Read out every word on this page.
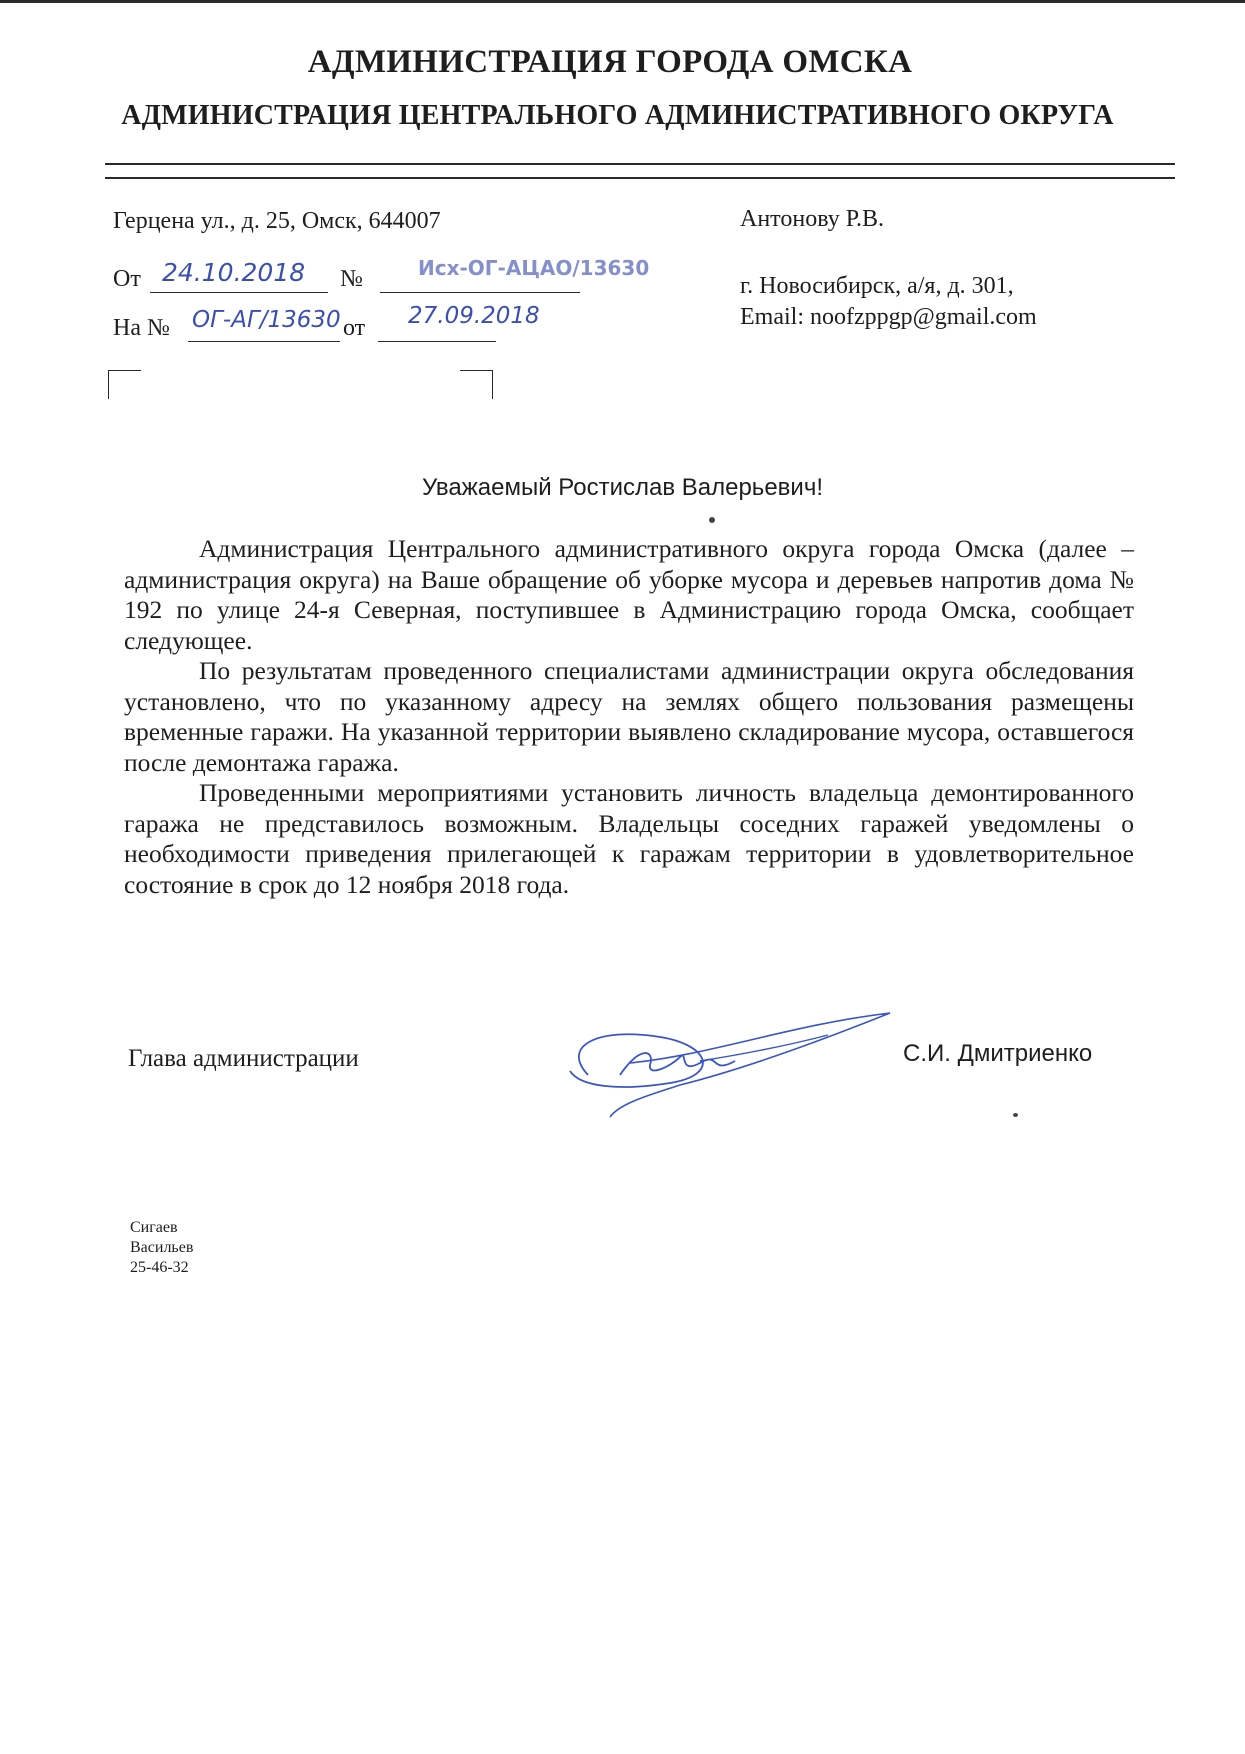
АДМИНИСТРАЦИЯ ГОРОДА ОМСКА
АДМИНИСТРАЦИЯ ЦЕНТРАЛЬНОГО АДМИНИСТРАТИВНОГО ОКРУГА
Герцена ул., д. 25, Омск, 644007
От 24.10.2018 №	Исх-ОГ-АЦАО/13630
На № ОГ-АГ/13630 от 27.09.2018
Антонову Р.В.
г. Новосибирск, а/я, д. 301,
Email: noofzppgp@gmail.com
Уважаемый Ростислав Валерьевич!

Администрация Центрального административного округа города Омска (далее – администрация округа) на Ваше обращение об уборке мусора и деревьев напротив дома № 192 по улице 24-я Северная, поступившее в Администрацию города Омска, сообщает следующее.

По результатам проведенного специалистами администрации округа обследования установлено, что по указанному адресу на землях общего пользования размещены временные гаражи. На указанной территории выявлено складирование мусора, оставшегося после демонтажа гаража.

Проведенными мероприятиями установить личность владельца демонтированного гаража не представилось возможным. Владельцы соседних гаражей уведомлены о необходимости приведения прилегающей к гаражам территории в удовлетворительное состояние в срок до 12 ноября 2018 года.

Глава администрации	С.И. Дмитриенко
Сигаев
Васильев
25-46-32
